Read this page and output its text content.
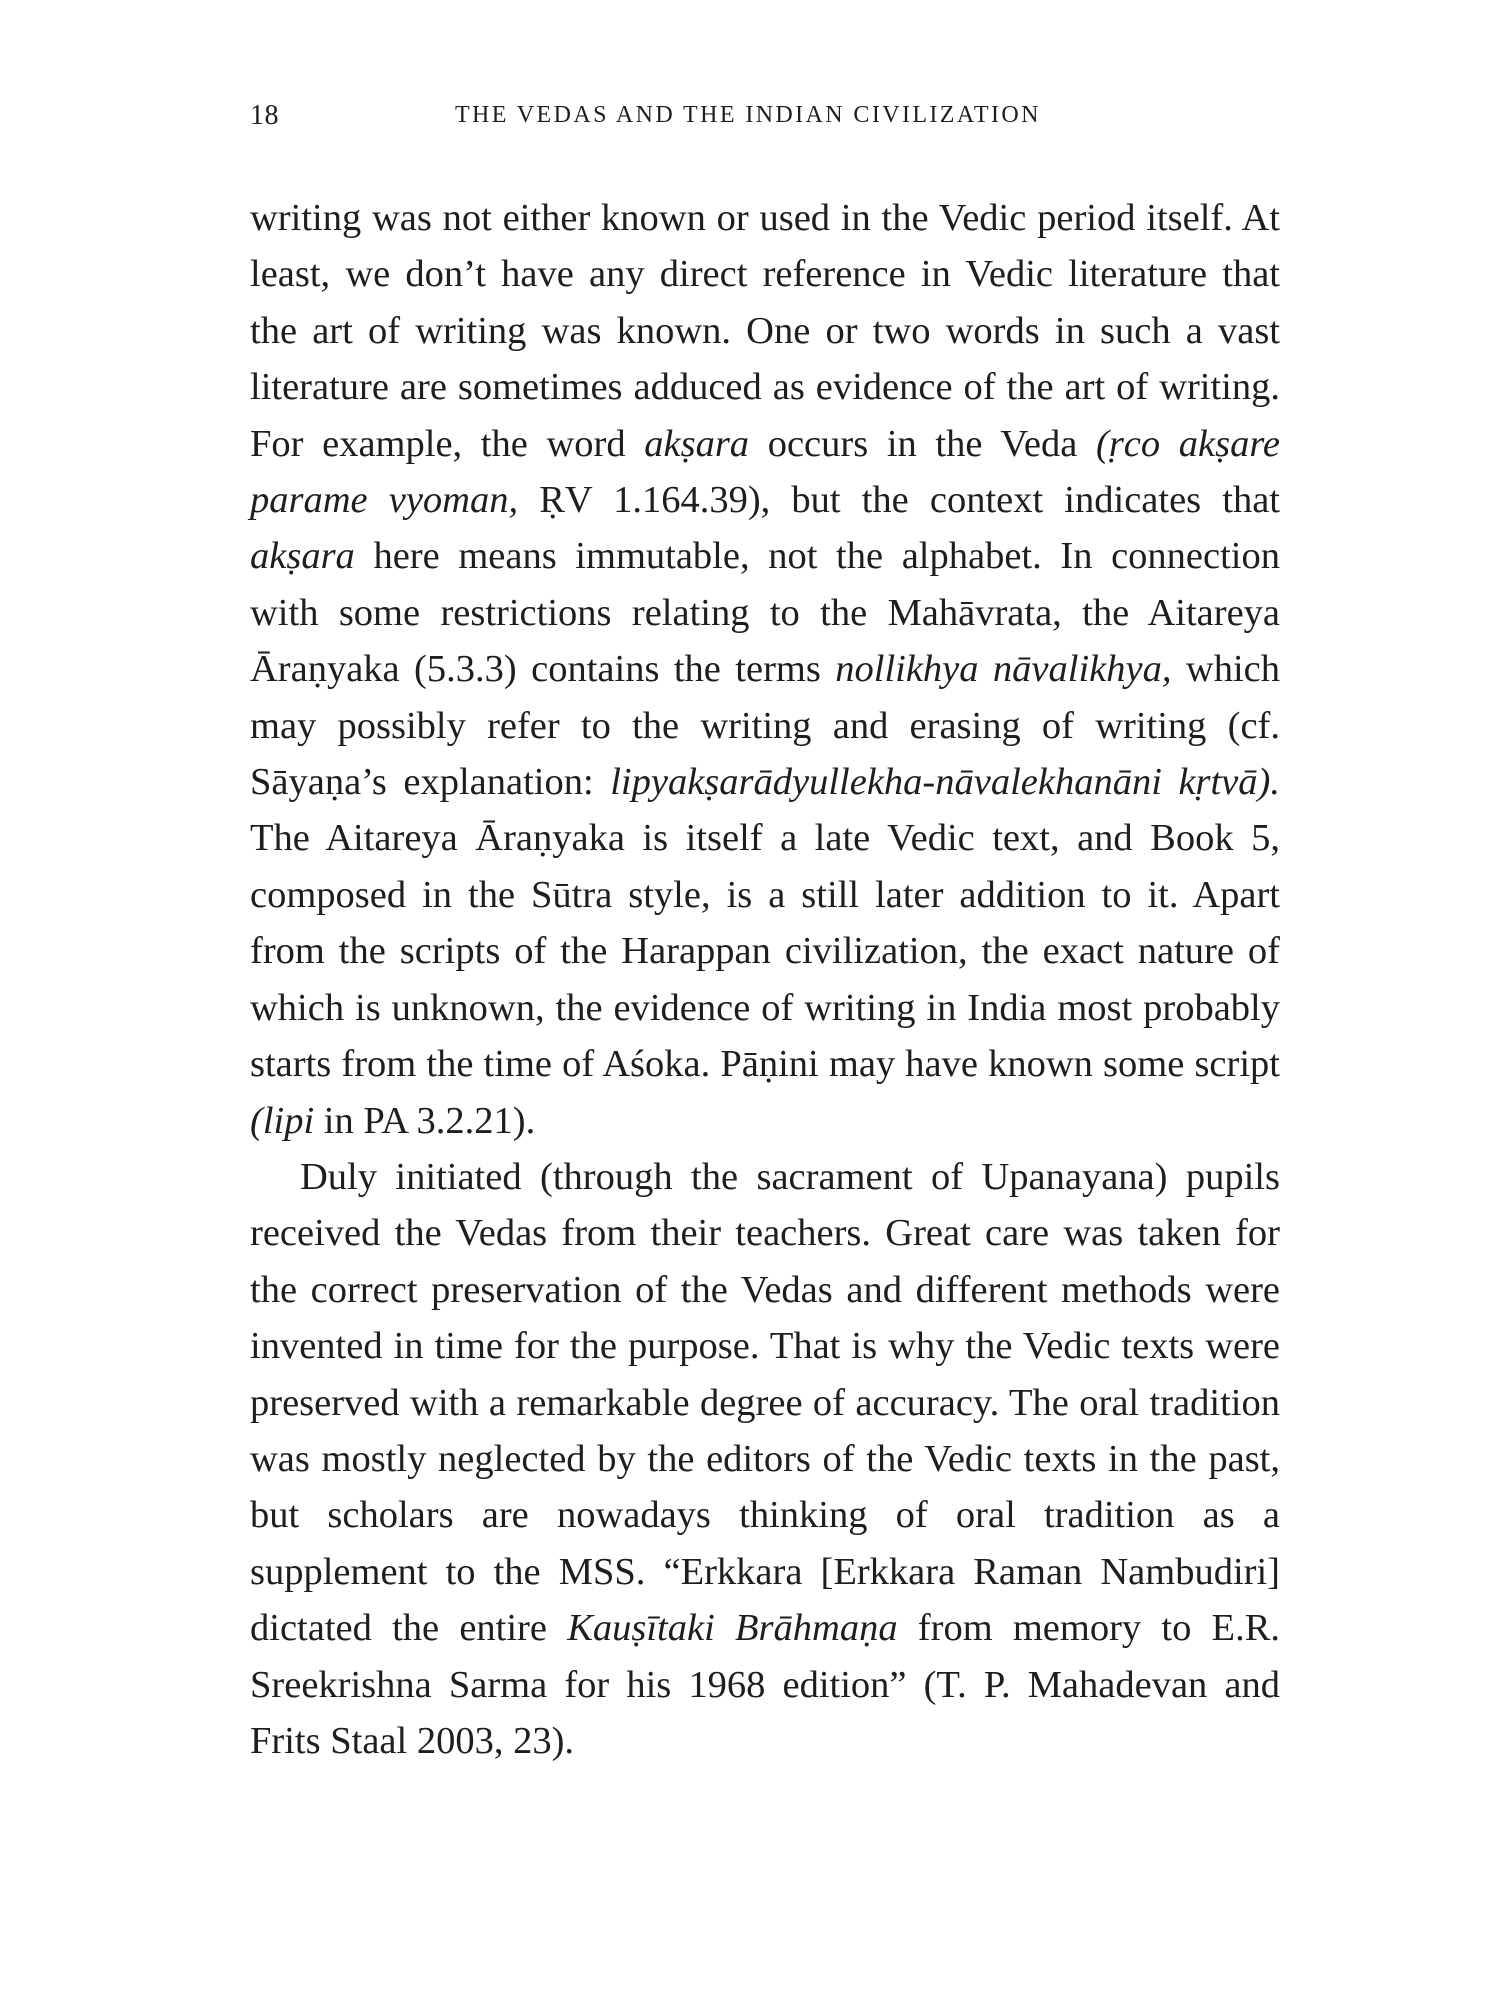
18	THE VEDAS AND THE INDIAN CIVILIZATION

writing was not either known or used in the Vedic period itself. At least, we don’t have any direct reference in Vedic literature that the art of writing was known. One or two words in such a vast literature are sometimes adduced as evidence of the art of writing. For example, the word akṣara occurs in the Veda (ṛco akṣare parame vyoman, ṚV 1.164.39), but the context indicates that akṣara here means immutable, not the alphabet. In connection with some restrictions relating to the Mahāvrata, the Aitareya Āraṇyaka (5.3.3) contains the terms nollikhya nāvalikhya, which may possibly refer to the writing and erasing of writing (cf. Sāyaṇa’s explanation: lipyakṣarādyullekha-nāvalekhanāni kṛtvā). The Aitareya Āraṇyaka is itself a late Vedic text, and Book 5, composed in the Sūtra style, is a still later addition to it. Apart from the scripts of the Harappan civilization, the exact nature of which is unknown, the evidence of writing in India most probably starts from the time of Aśoka. Pāṇini may have known some script (lipi in PA 3.2.21).

Duly initiated (through the sacrament of Upanayana) pupils received the Vedas from their teachers. Great care was taken for the correct preservation of the Vedas and different methods were invented in time for the purpose. That is why the Vedic texts were preserved with a remarkable degree of accuracy. The oral tradition was mostly neglected by the editors of the Vedic texts in the past, but scholars are nowadays thinking of oral tradition as a supplement to the MSS. “Erkkara [Erkkara Raman Nambudiri] dictated the entire Kauṣītaki Brāhmaṇa from memory to E.R. Sreekrishna Sarma for his 1968 edition” (T. P. Mahadevan and Frits Staal 2003, 23).
